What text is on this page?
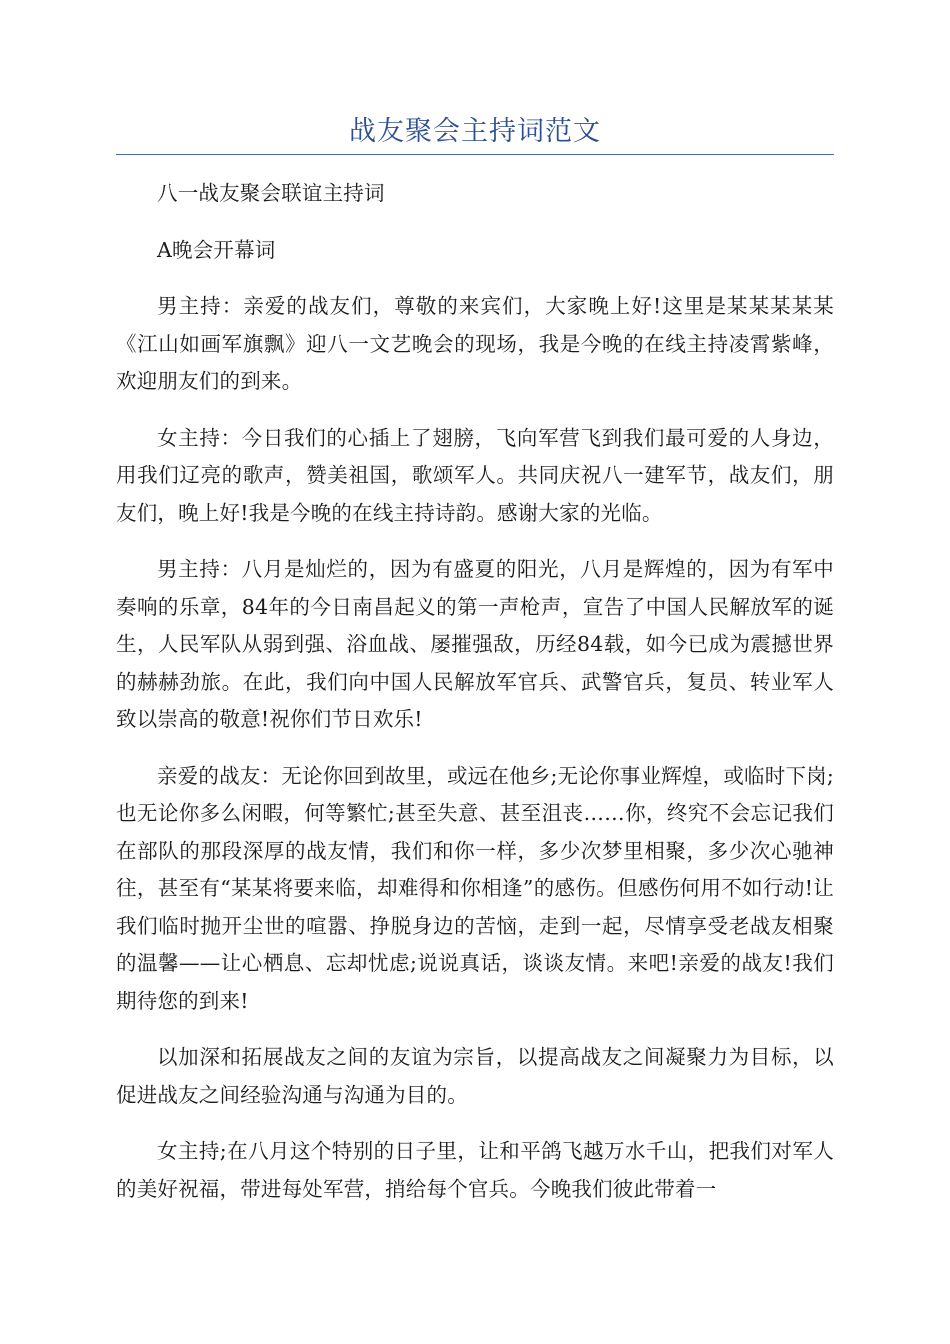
战友聚会主持词范文

八一战友聚会联谊主持词

A晚会开幕词

男主持：亲爱的战友们，尊敬的来宾们，大家晚上好!这里是某某某某某《江山如画军旗飘》迎八一文艺晚会的现场，我是今晚的在线主持凌霄紫峰，欢迎朋友们的到来。

女主持：今日我们的心插上了翅膀，飞向军营飞到我们最可爱的人身边，用我们辽亮的歌声，赞美祖国，歌颂军人。共同庆祝八一建军节，战友们，朋友们，晚上好!我是今晚的在线主持诗韵。感谢大家的光临。

男主持：八月是灿烂的，因为有盛夏的阳光，八月是辉煌的，因为有军中奏响的乐章，84年的今日南昌起义的第一声枪声，宣告了中国人民解放军的诞生，人民军队从弱到强、浴血战、屡摧强敌，历经84载，如今已成为震撼世界的赫赫劲旅。在此，我们向中国人民解放军官兵、武警官兵，复员、转业军人致以崇高的敬意!祝你们节日欢乐!

亲爱的战友：无论你回到故里，或远在他乡;无论你事业辉煌，或临时下岗;也无论你多么闲暇，何等繁忙;甚至失意、甚至沮丧……你，终究不会忘记我们在部队的那段深厚的战友情，我们和你一样，多少次梦里相聚，多少次心驰神往，甚至有“某某将要来临，却难得和你相逢”的感伤。但感伤何用不如行动!让我们临时抛开尘世的喧嚣、挣脱身边的苦恼，走到一起，尽情享受老战友相聚的温馨——让心栖息、忘却忧虑;说说真话，谈谈友情。来吧!亲爱的战友!我们期待您的到来!

以加深和拓展战友之间的友谊为宗旨，以提高战友之间凝聚力为目标，以促进战友之间经验沟通与沟通为目的。

女主持;在八月这个特别的日子里，让和平鸽飞越万水千山，把我们对军人的美好祝福，带进每处军营，捎给每个官兵。今晚我们彼此带着一
